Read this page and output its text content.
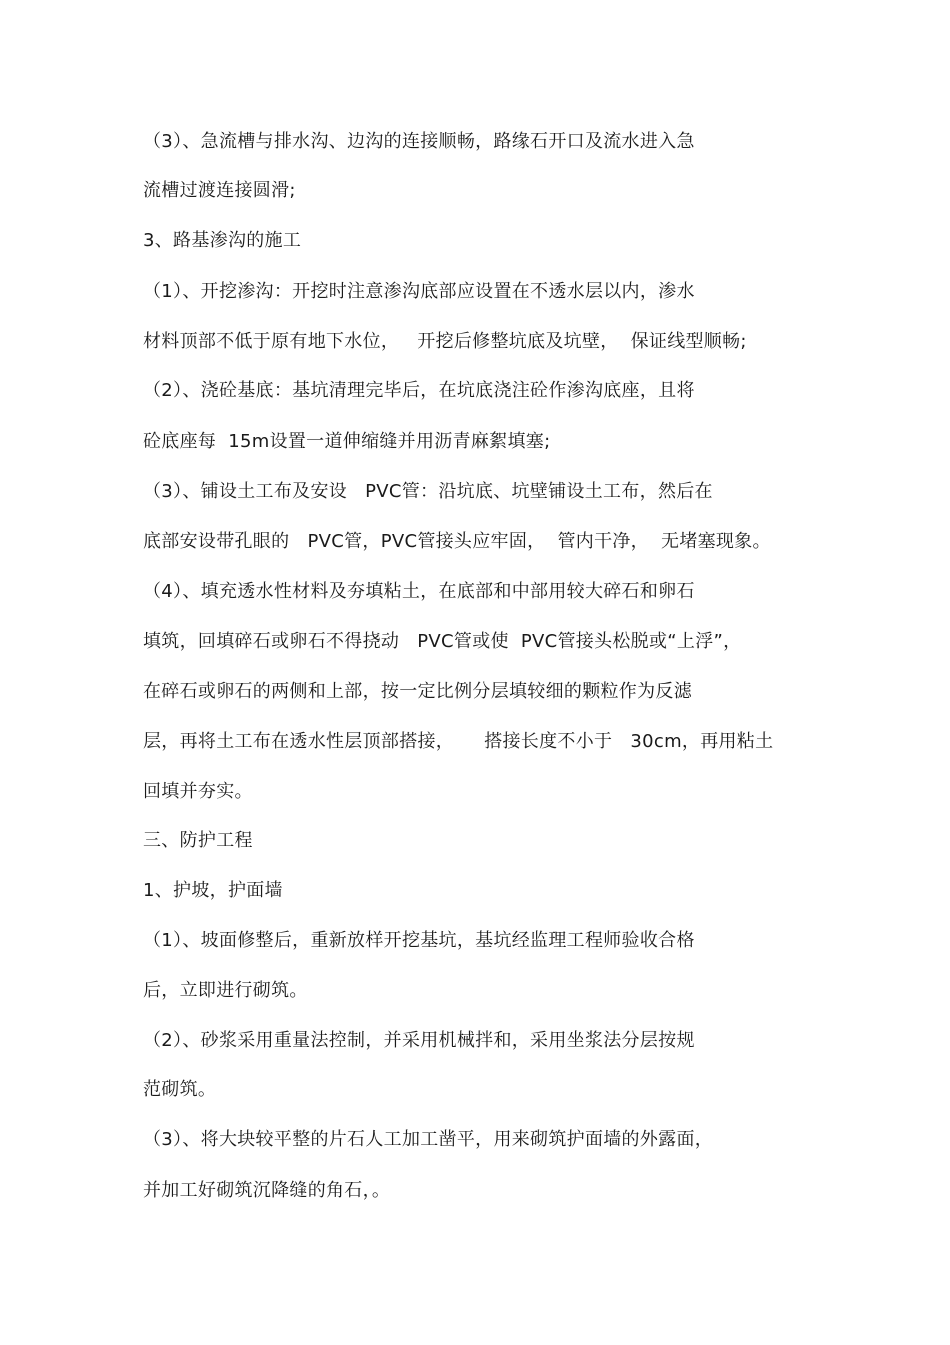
（3）、急流槽与排水沟、边沟的连接顺畅，路缘石开口及流水进入急
流槽过渡连接圆滑;
3、路基渗沟的施工
（1）、开挖渗沟：开挖时注意渗沟底部应设置在不透水层以内，渗水
材料顶部不低于原有地下水位，   开挖后修整坑底及坑壁，  保证线型顺畅;
（2）、浇砼基底：基坑清理完毕后，在坑底浇注砼作渗沟底座，且将
砼底座每  15m设置一道伸缩缝并用沥青麻絮填塞;
（3）、铺设土工布及安设   PVC管：沿坑底、坑壁铺设土工布，然后在
底部安设带孔眼的   PVC管，PVC管接头应牢固，  管内干净，  无堵塞现象。
（4）、填充透水性材料及夯填粘土，在底部和中部用较大碎石和卵石
填筑，回填碎石或卵石不得挠动   PVC管或使  PVC管接头松脱或“上浮”，
在碎石或卵石的两侧和上部，按一定比例分层填较细的颗粒作为反滤
层，再将土工布在透水性层顶部搭接，     搭接长度不小于   30cm，再用粘土
回填并夯实。
三、防护工程
1、护坡，护面墙
（1）、坡面修整后，重新放样开挖基坑，基坑经监理工程师验收合格
后，立即进行砌筑。
（2）、砂浆采用重量法控制，并采用机械拌和，采用坐浆法分层按规
范砌筑。
（3）、将大块较平整的片石人工加工凿平，用来砌筑护面墙的外露面，
并加工好砌筑沉降缝的角石，。
